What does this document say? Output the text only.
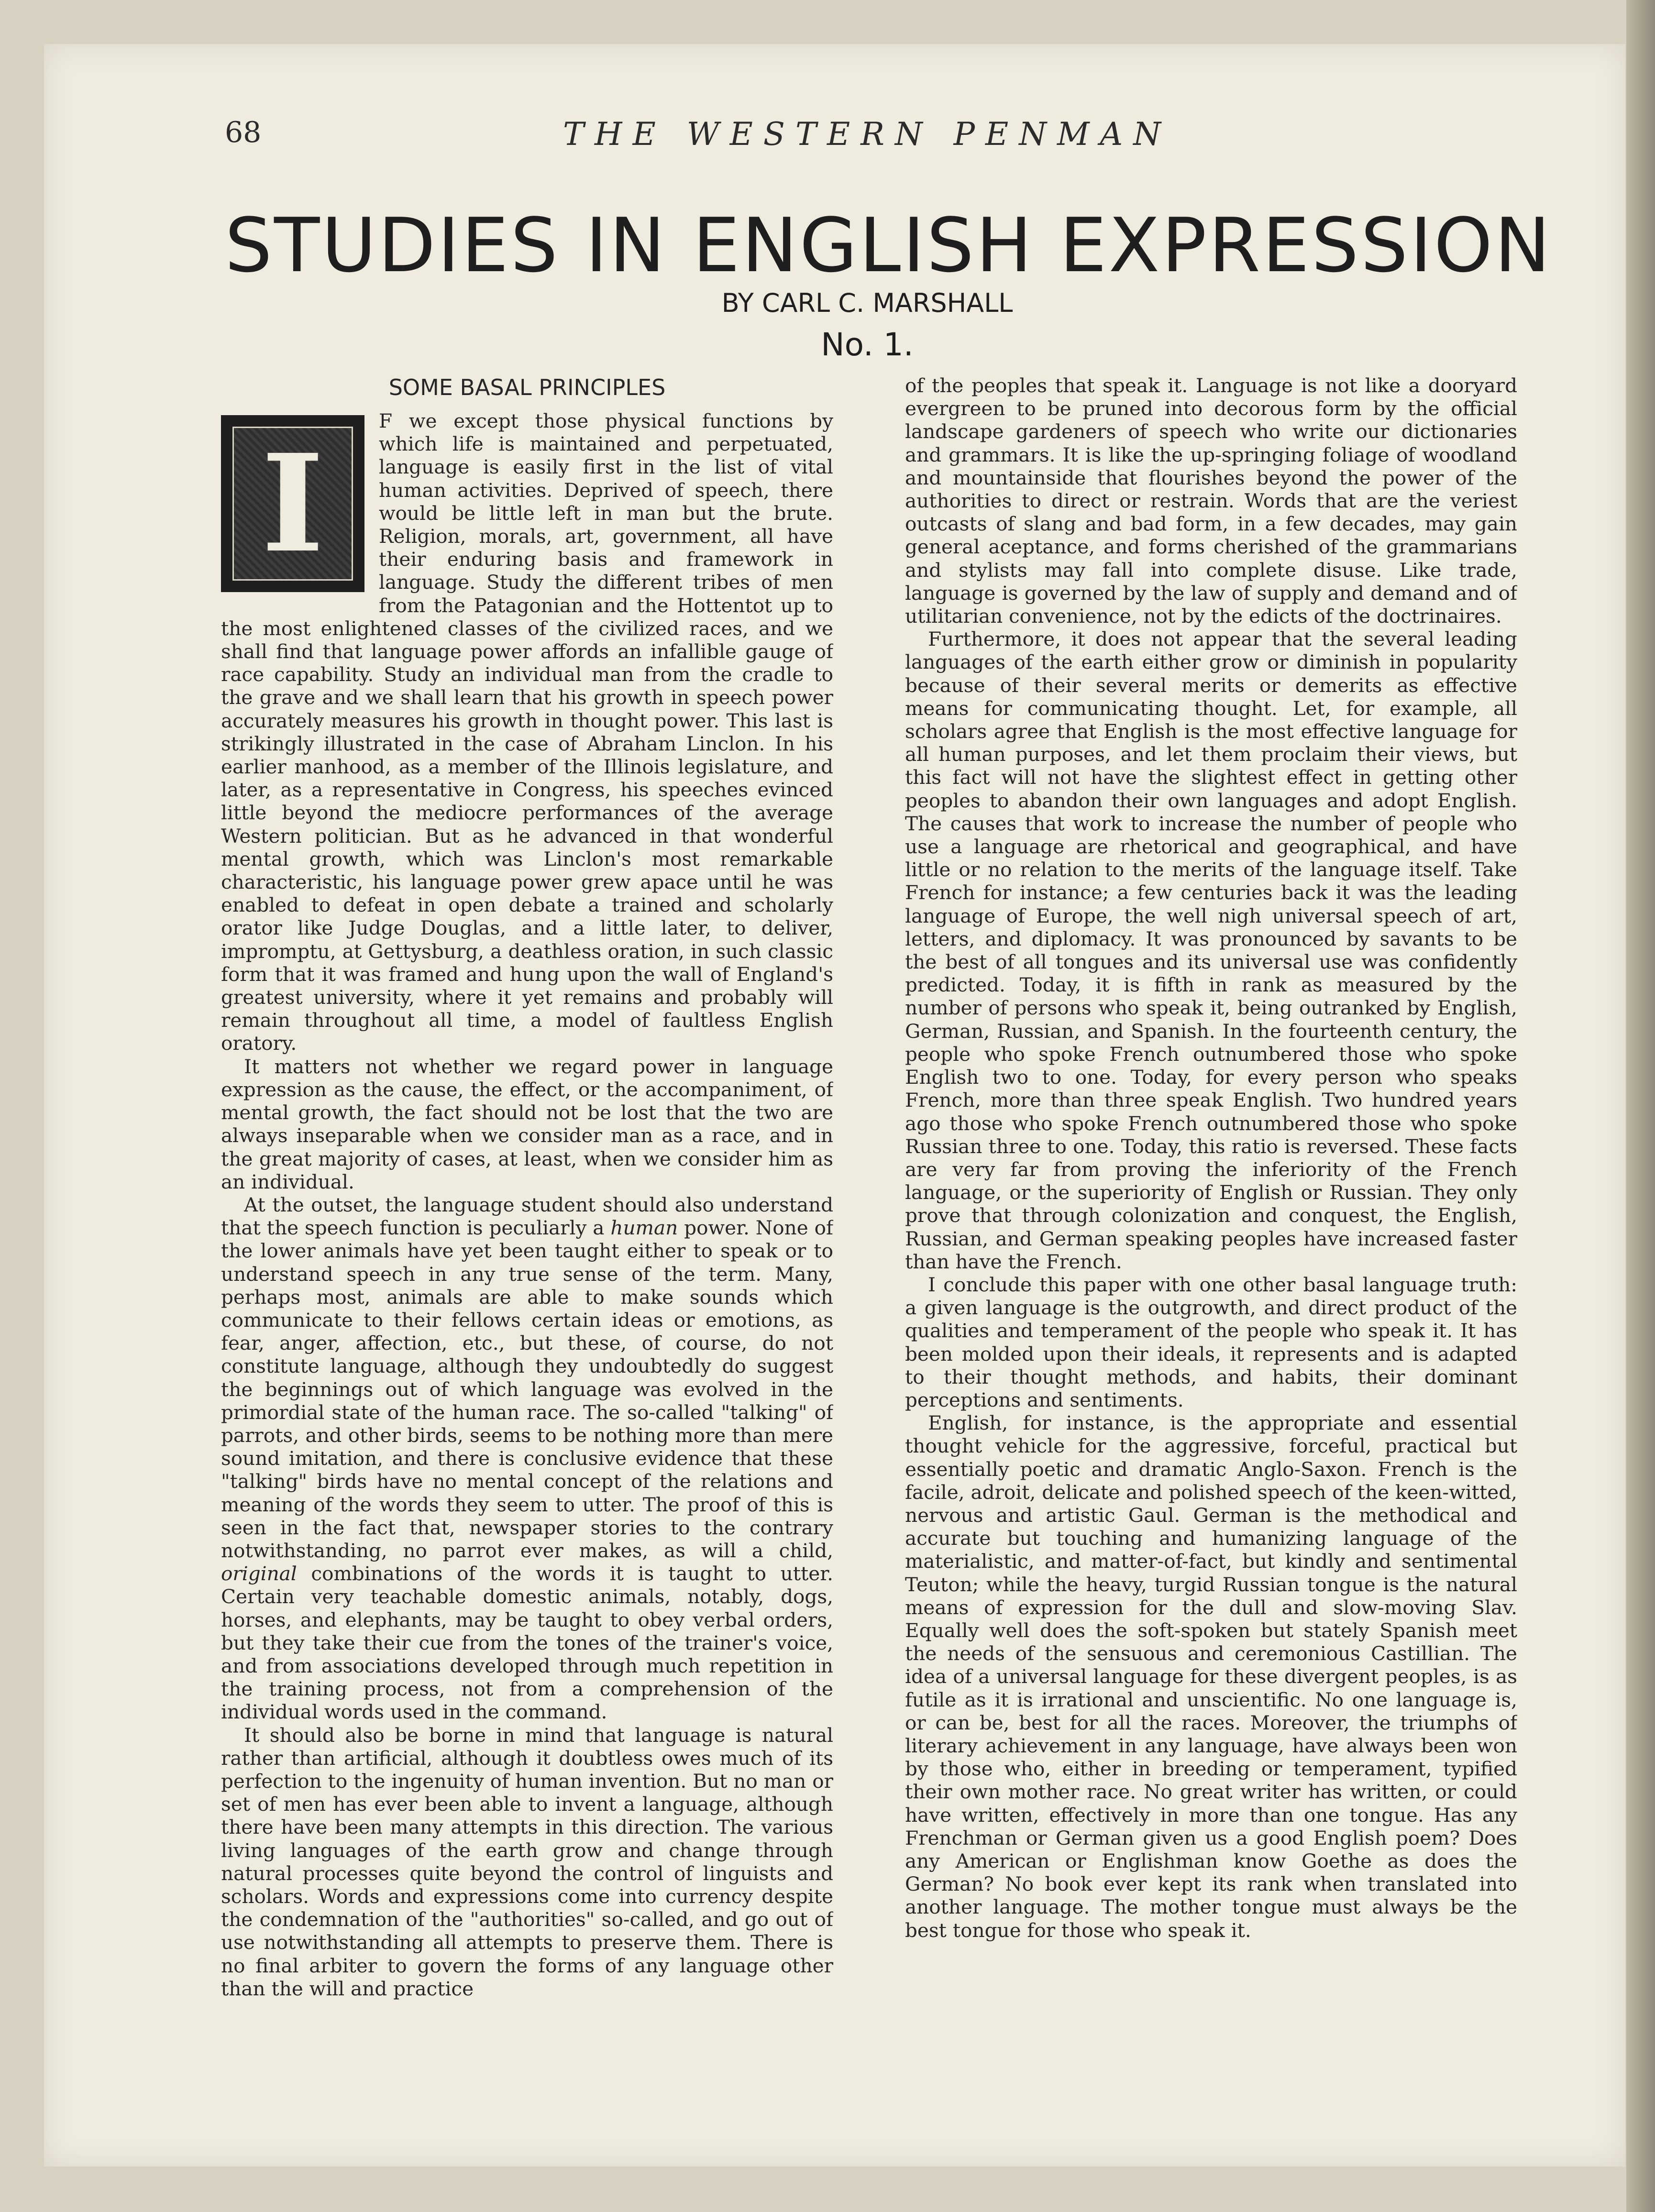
68	THE WESTERN PENMAN
STUDIES IN ENGLISH EXPRESSION
BY CARL C. MARSHALL
No. 1.
SOME BASAL PRINCIPLES
I

F we except those physical functions by which life is maintained and perpetuated, language is easily first in the list of vital human activities. Deprived of speech, there would be little left in man but the brute. Religion, morals, art, government, all have their enduring basis and framework in language. Study the different tribes of men from the Patagonian and the Hottentot up to the most enlightened classes of the civilized races, and we shall find that language power affords an infallible gauge of race capability. Study an individual man from the cradle to the grave and we shall learn that his growth in speech power accurately measures his growth in thought power. This last is strikingly illustrated in the case of Abraham Linclon. In his earlier manhood, as a member of the Illinois legislature, and later, as a representative in Congress, his speeches evinced little beyond the mediocre performances of the average Western politician. But as he advanced in that wonderful mental growth, which was Linclon's most remarkable characteristic, his language power grew apace until he was enabled to defeat in open debate a trained and scholarly orator like Judge Douglas, and a little later, to deliver, impromptu, at Gettysburg, a deathless oration, in such classic form that it was framed and hung upon the wall of England's greatest university, where it yet remains and probably will remain throughout all time, a model of faultless English oratory.

It matters not whether we regard power in language expression as the cause, the effect, or the accompaniment, of mental growth, the fact should not be lost that the two are always inseparable when we consider man as a race, and in the great majority of cases, at least, when we consider him as an individual.

At the outset, the language student should also understand that the speech function is peculiarly a human power. None of the lower animals have yet been taught either to speak or to understand speech in any true sense of the term. Many, perhaps most, animals are able to make sounds which communicate to their fellows certain ideas or emotions, as fear, anger, affection, etc., but these, of course, do not constitute language, although they undoubtedly do suggest the beginnings out of which language was evolved in the primordial state of the human race. The so-called "talking" of parrots, and other birds, seems to be nothing more than mere sound imitation, and there is conclusive evidence that these "talking" birds have no mental concept of the relations and meaning of the words they seem to utter. The proof of this is seen in the fact that, newspaper stories to the contrary notwithstanding, no parrot ever makes, as will a child, original combinations of the words it is taught to utter. Certain very teachable domestic animals, notably, dogs, horses, and elephants, may be taught to obey verbal orders, but they take their cue from the tones of the trainer's voice, and from associations developed through much repetition in the training process, not from a comprehension of the individual words used in the command.

It should also be borne in mind that language is natural rather than artificial, although it doubtless owes much of its perfection to the ingenuity of human invention. But no man or set of men has ever been able to invent a language, although there have been many attempts in this direction. The various living languages of the earth grow and change through natural processes quite beyond the control of linguists and scholars. Words and expressions come into currency despite the condemnation of the "authorities" so-called, and go out of use notwithstanding all attempts to preserve them. There is no final arbiter to govern the forms of any language other than the will and practice

of the peoples that speak it. Language is not like a dooryard evergreen to be pruned into decorous form by the official landscape gardeners of speech who write our dictionaries and grammars. It is like the up-springing foliage of woodland and mountainside that flourishes beyond the power of the authorities to direct or restrain. Words that are the veriest outcasts of slang and bad form, in a few decades, may gain general aceptance, and forms cherished of the grammarians and stylists may fall into complete disuse. Like trade, language is governed by the law of supply and demand and of utilitarian convenience, not by the edicts of the doctrinaires.

Furthermore, it does not appear that the several leading languages of the earth either grow or diminish in popularity because of their several merits or demerits as effective means for communicating thought. Let, for example, all scholars agree that English is the most effective language for all human purposes, and let them proclaim their views, but this fact will not have the slightest effect in getting other peoples to abandon their own languages and adopt English. The causes that work to increase the number of people who use a language are rhetorical and geographical, and have little or no relation to the merits of the language itself. Take French for instance; a few centuries back it was the leading language of Europe, the well nigh universal speech of art, letters, and diplomacy. It was pronounced by savants to be the best of all tongues and its universal use was confidently predicted. Today, it is fifth in rank as measured by the number of persons who speak it, being outranked by English, German, Russian, and Spanish. In the fourteenth century, the people who spoke French outnumbered those who spoke English two to one. Today, for every person who speaks French, more than three speak English. Two hundred years ago those who spoke French outnumbered those who spoke Russian three to one. Today, this ratio is reversed. These facts are very far from proving the inferiority of the French language, or the superiority of English or Russian. They only prove that through colonization and conquest, the English, Russian, and German speaking peoples have increased faster than have the French.

I conclude this paper with one other basal language truth: a given language is the outgrowth, and direct product of the qualities and temperament of the people who speak it. It has been molded upon their ideals, it represents and is adapted to their thought methods, and habits, their dominant perceptions and sentiments.

English, for instance, is the appropriate and essential thought vehicle for the aggressive, forceful, practical but essentially poetic and dramatic Anglo-Saxon. French is the facile, adroit, delicate and polished speech of the keen-witted, nervous and artistic Gaul. German is the methodical and accurate but touching and humanizing language of the materialistic, and matter-of-fact, but kindly and sentimental Teuton; while the heavy, turgid Russian tongue is the natural means of expression for the dull and slow-moving Slav. Equally well does the soft-spoken but stately Spanish meet the needs of the sensuous and ceremonious Castillian. The idea of a universal language for these divergent peoples, is as futile as it is irrational and unscientific. No one language is, or can be, best for all the races. Moreover, the triumphs of literary achievement in any language, have always been won by those who, either in breeding or temperament, typified their own mother race. No great writer has written, or could have written, effectively in more than one tongue. Has any Frenchman or German given us a good English poem? Does any American or Englishman know Goethe as does the German? No book ever kept its rank when translated into another language. The mother tongue must always be the best tongue for those who speak it.
